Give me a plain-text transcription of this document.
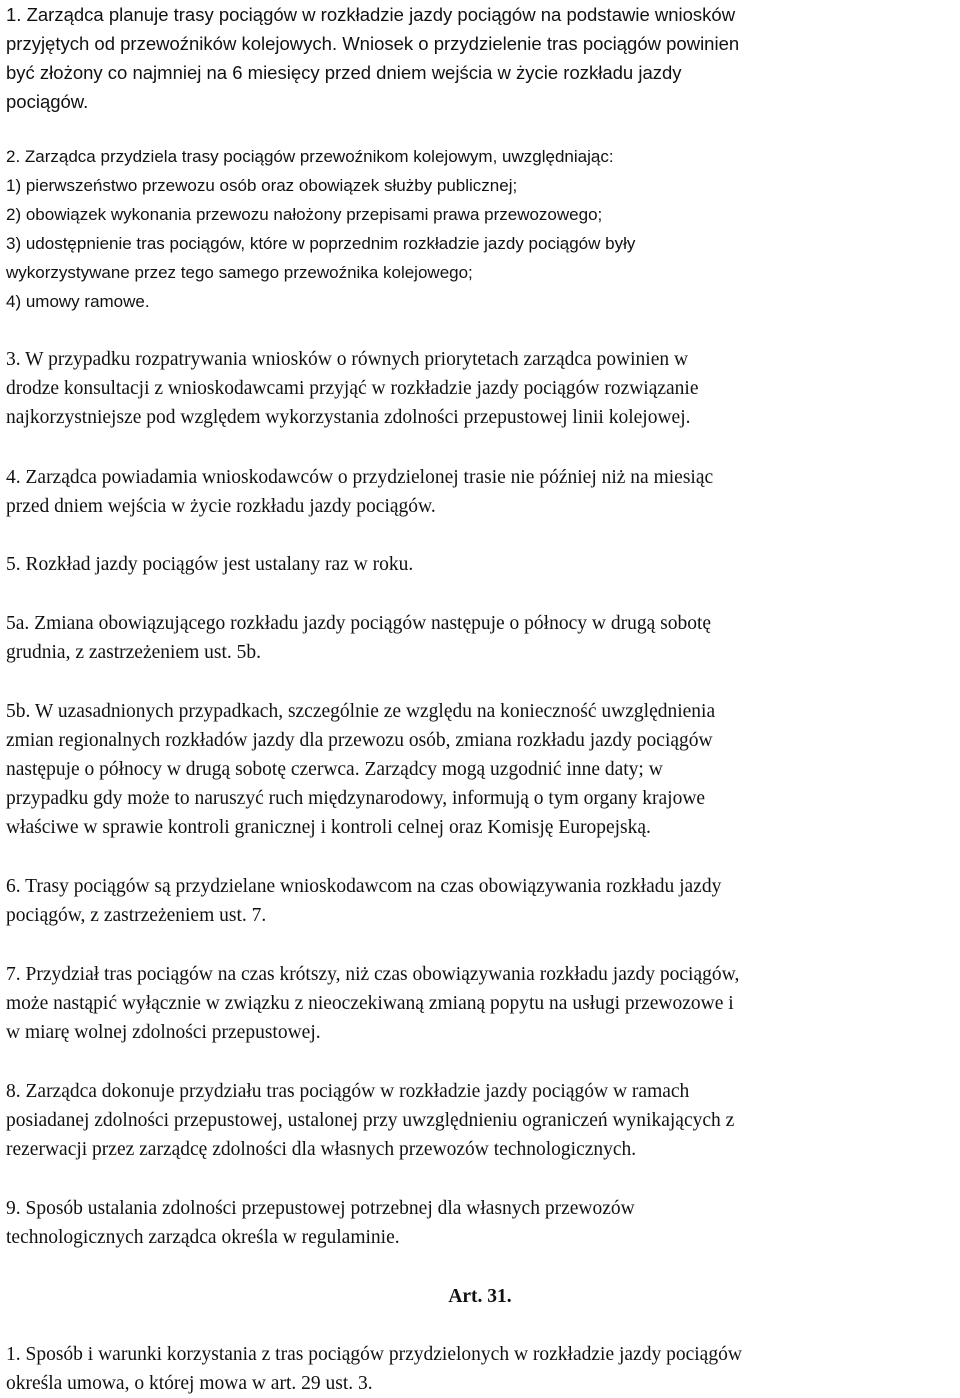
1. Zarządca planuje trasy pociągów w rozkładzie jazdy pociągów na podstawie wniosków
przyjętych od przewoźników kolejowych. Wniosek o przydzielenie tras pociągów powinien
być złożony co najmniej na 6 miesięcy przed dniem wejścia w życie rozkładu jazdy
pociągów.
2. Zarządca przydziela trasy pociągów przewoźnikom kolejowym, uwzględniając:
1) pierwszeństwo przewozu osób oraz obowiązek służby publicznej;
2) obowiązek wykonania przewozu nałożony przepisami prawa przewozowego;
3) udostępnienie tras pociągów, które w poprzednim rozkładzie jazdy pociągów były
wykorzystywane przez tego samego przewoźnika kolejowego;
4) umowy ramowe.
3. W przypadku rozpatrywania wniosków o równych priorytetach zarządca powinien w
drodze konsultacji z wnioskodawcami przyjąć w rozkładzie jazdy pociągów rozwiązanie
najkorzystniejsze pod względem wykorzystania zdolności przepustowej linii kolejowej.
4. Zarządca powiadamia wnioskodawców o przydzielonej trasie nie później niż na miesiąc
przed dniem wejścia w życie rozkładu jazdy pociągów.
5. Rozkład jazdy pociągów jest ustalany raz w roku.
5a. Zmiana obowiązującego rozkładu jazdy pociągów następuje o północy w drugą sobotę
grudnia, z zastrzeżeniem ust. 5b.
5b. W uzasadnionych przypadkach, szczególnie ze względu na konieczność uwzględnienia
zmian regionalnych rozkładów jazdy dla przewozu osób, zmiana rozkładu jazdy pociągów
następuje o północy w drugą sobotę czerwca. Zarządcy mogą uzgodnić inne daty; w
przypadku gdy może to naruszyć ruch międzynarodowy, informują o tym organy krajowe
właściwe w sprawie kontroli granicznej i kontroli celnej oraz Komisję Europejską.
6. Trasy pociągów są przydzielane wnioskodawcom na czas obowiązywania rozkładu jazdy
pociągów, z zastrzeżeniem ust. 7.
7. Przydział tras pociągów na czas krótszy, niż czas obowiązywania rozkładu jazdy pociągów,
może nastąpić wyłącznie w związku z nieoczekiwaną zmianą popytu na usługi przewozowe i
w miarę wolnej zdolności przepustowej.
8. Zarządca dokonuje przydziału tras pociągów w rozkładzie jazdy pociągów w ramach
posiadanej zdolności przepustowej, ustalonej przy uwzględnieniu ograniczeń wynikających z
rezerwacji przez zarządcę zdolności dla własnych przewozów technologicznych.
9. Sposób ustalania zdolności przepustowej potrzebnej dla własnych przewozów
technologicznych zarządca określa w regulaminie.
Art. 31.
1. Sposób i warunki korzystania z tras pociągów przydzielonych w rozkładzie jazdy pociągów
określa umowa, o której mowa w art. 29 ust. 3.
